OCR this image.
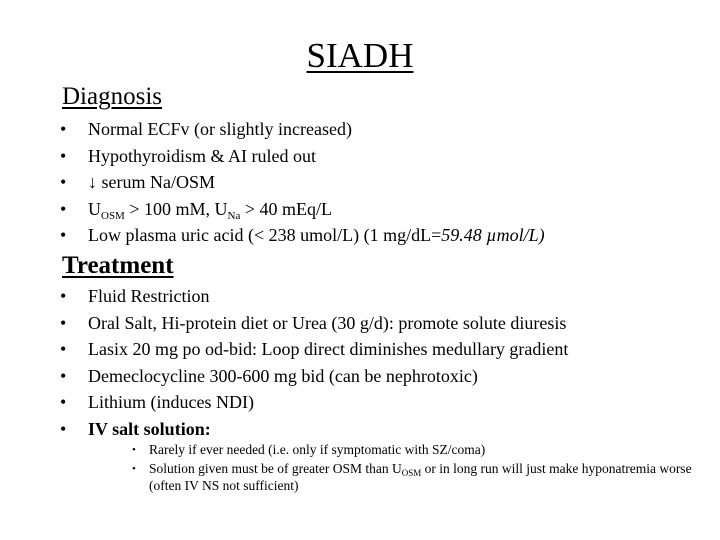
SIADH
Diagnosis
• Normal ECFv (or slightly increased)
• Hypothyroidism & AI ruled out
• ↓ serum Na/OSM
• $U_{OSM} > 100$ mM, $U_{Na} > 40$ mEq/L
• Low plasma uric acid (< 238 umol/L) (1 mg/dL=59.48 µmol/L)
Treatment
• Fluid Restriction
• Oral Salt, Hi-protein diet or Urea (30 g/d): promote solute diuresis
• Lasix 20 mg po od-bid: Loop direct diminishes medullary gradient
• Demeclocycline 300-600 mg bid (can be nephrotoxic)
• Lithium (induces NDI)
• IV salt solution:
• Rarely if ever needed (i.e. only if symptomatic with SZ/coma)
• Solution given must be of greater OSM than $U_{OSM}$ or in long run will just make hyponatremia worse (often IV NS not sufficient)
